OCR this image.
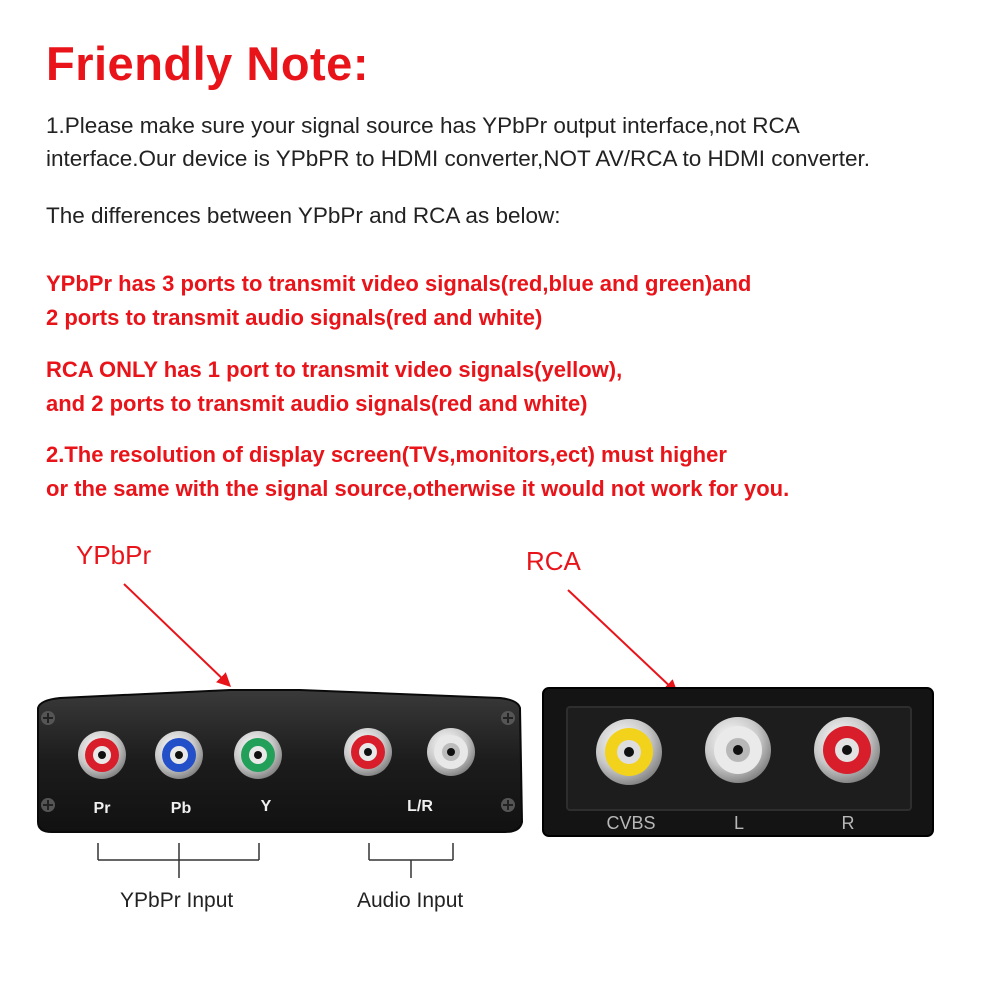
Friendly Note:
1.Please make sure your signal source has YPbPr output interface,not RCA
interface.Our device is YPbPR to HDMI converter,NOT AV/RCA to HDMI converter.
The differences between YPbPr and RCA as below:
YPbPr has 3 ports to transmit video signals(red,blue and green)and
2 ports to transmit audio signals(red and white)
RCA ONLY has 1 port to transmit video signals(yellow),
and 2 ports to transmit audio signals(red and white)
2.The resolution of display screen(TVs,monitors,ect) must higher
or the same with the signal source,otherwise it would not work for you.
YPbPr	RCA
Pr	Pb	Y	L/R
CVBS	L	R
YPbPr Input	Audio Input
